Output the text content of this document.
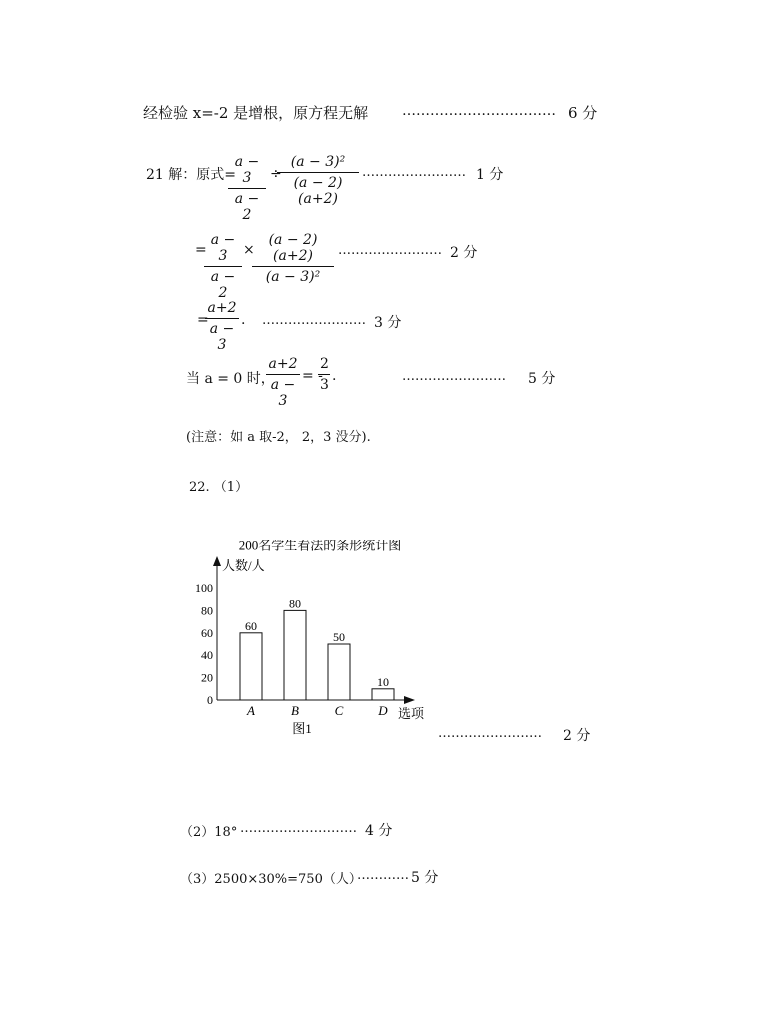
经检验 x=-2 是增根，原方程无解 …………………………… 6 分
21 解：原式=
$\frac{a - 3}{a - 2}$ ÷
$\frac{\text{(a − 3)²}}{(a - 2)(a+2)}$ …………………… 1 分
=
$\frac{a - 3}{a - 2}$ ×
$\frac{(a - 2)(a+2)}{\text{(a − 3)²}}$ …………………… 2 分
=
$\frac{a+2}{a - 3}$ . …………………… 3 分
当 a = 0 时，
$\frac{a+2}{a - 3}$ = -
$\frac{2}{3}$ .	…………………… 5 分
(注意：如 a 取-2， 2，3 没分).
22. （1）
200名学生看法的条形统计图
人数/人
选项
0
20
40
60
80
100
60
A
80
B
50
C
10
D
图1	…………………… 2 分
（2）18° ……………………… 4 分
（3）2500×30%=750（人）
………… 5 分
